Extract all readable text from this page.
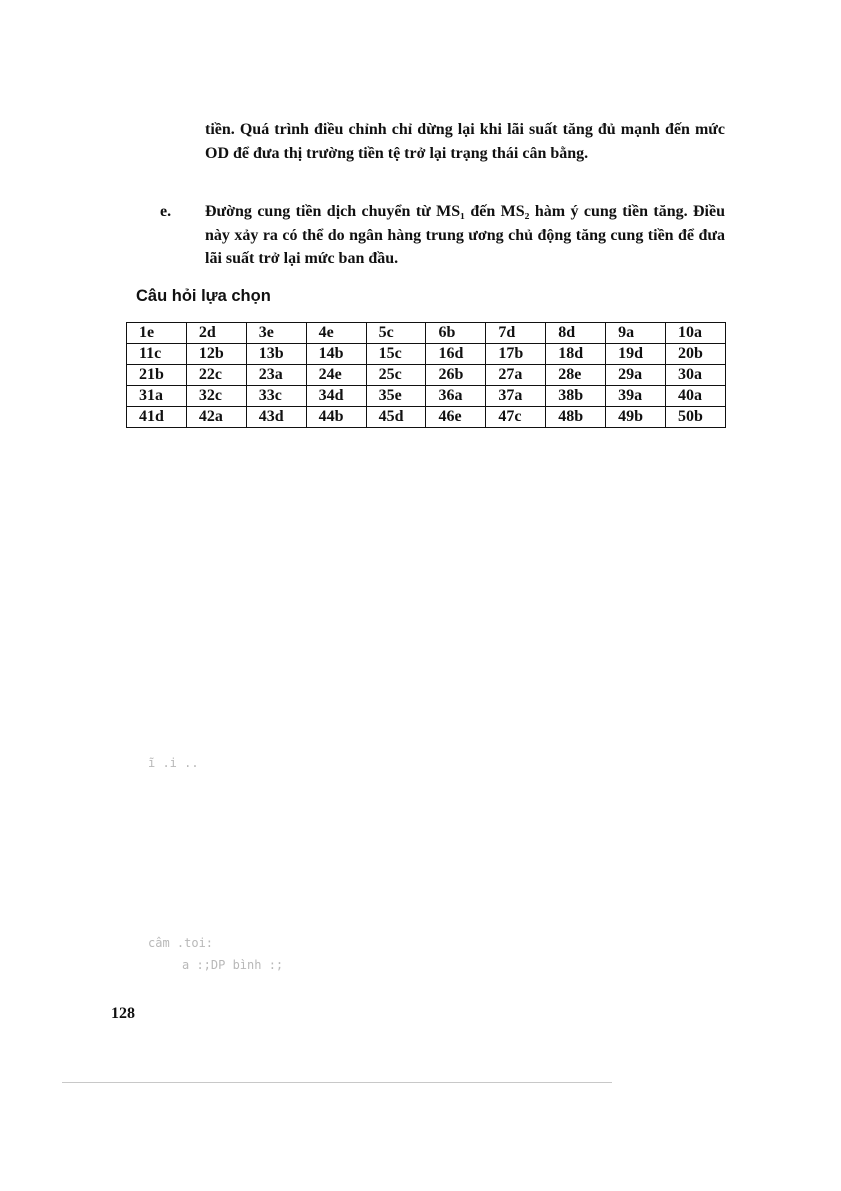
tiền. Quá trình điều chỉnh chỉ dừng lại khi lãi suất tăng đủ mạnh đến mức OD để đưa thị trường tiền tệ trở lại trạng thái cân bằng.
e. Đường cung tiền dịch chuyển từ MS₁ đến MS₂ hàm ý cung tiền tăng. Điều này xảy ra có thể do ngân hàng trung ương chủ động tăng cung tiền để đưa lãi suất trở lại mức ban đầu.
Câu hỏi lựa chọn
1e	2d	3e	4e	5c	6b	7d	8d	9a	10a
11c	12b	13b	14b	15c	16d	17b	18d	19d	20b
21b	22c	23a	24e	25c	26b	27a	28e	29a	30a
31a	32c	33c	34d	35e	36a	37a	38b	39a	40a
41d	42a	43d	44b	45d	46e	47c	48b	49b	50b
ĩ .i ..
câm .toi:
a :;DP bình :;
128
